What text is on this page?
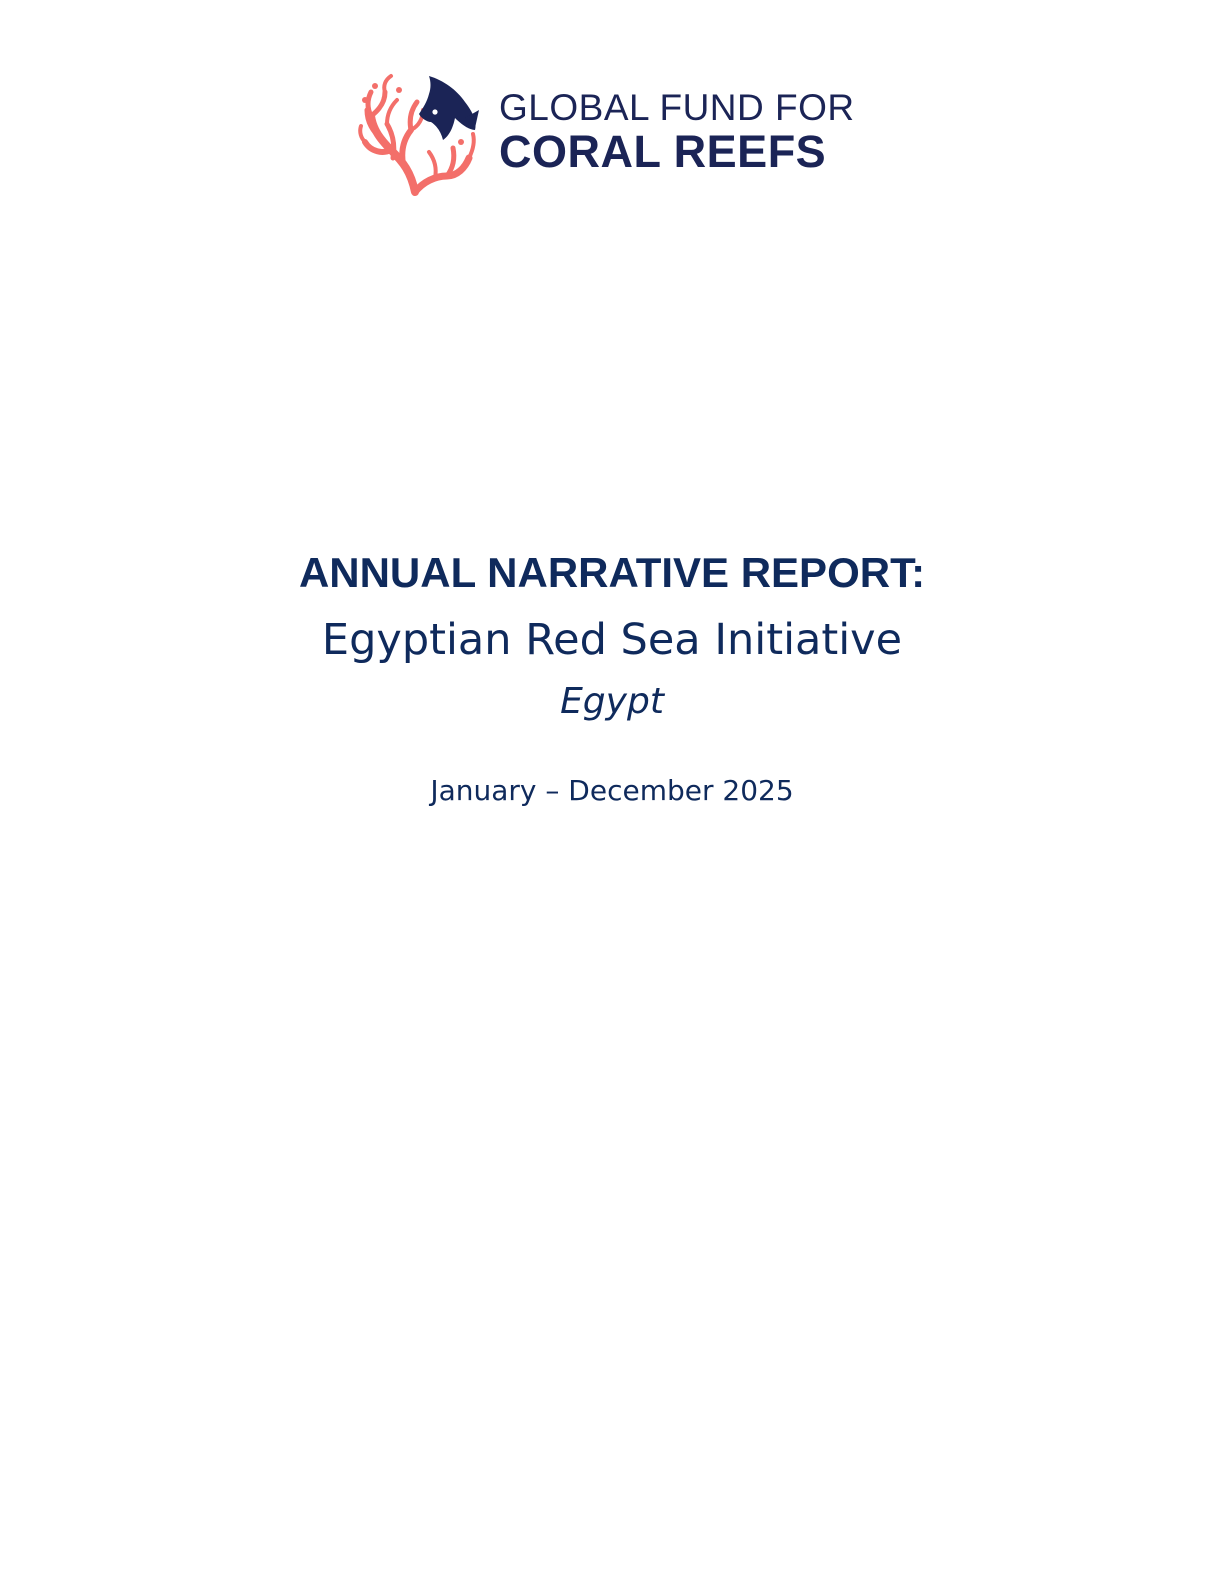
GLOBAL FUND FOR
CORAL REEFS
ANNUAL NARRATIVE REPORT:
Egyptian Red Sea Initiative
Egypt
January – December 2025
